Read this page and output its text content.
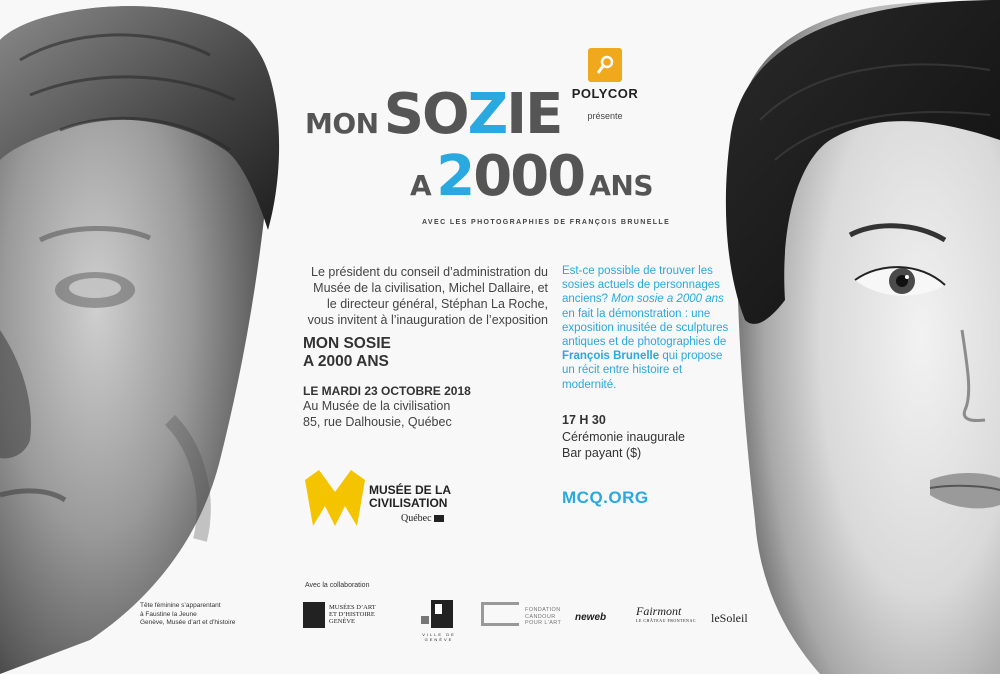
POLYCOR
présente
MON SOZIE
A 2000 ANS
AVEC LES PHOTOGRAPHIES DE FRANÇOIS BRUNELLE

Le président du conseil d’administration du Musée de la civilisation, Michel Dallaire, et le directeur général, Stéphan La Roche, vous invitent à l’inauguration de l’exposition

MON SOSIE

A 2000 ANS

LE MARDI 23 OCTOBRE 2018
Au Musée de la civilisation
85, rue Dalhousie, Québec
Est-ce possible de trouver les sosies actuels de personnages anciens? Mon sosie a 2000 ans en fait la démonstration : une exposition inusitée de sculptures antiques et de photographies de François Brunelle qui propose un récit entre histoire et modernité.
17 H 30
Cérémonie inaugurale
Bar payant ($)
MUSÉE DE LA
CIVILISATION
Québec
MCQ.ORG
Avec la collaboration
MUSÉES D’ART
ET D’HISTOIRE
GENÈVE
VILLE DE
GENÈVE
FONDATION
CANDOUR
POUR L’ART neweb Fairmont
LE CHÂTEAU FRONTENAC leSoleil
Tête féminine s’apparentant
à Faustine la Jeune
Genève, Musée d’art et d’histoire
